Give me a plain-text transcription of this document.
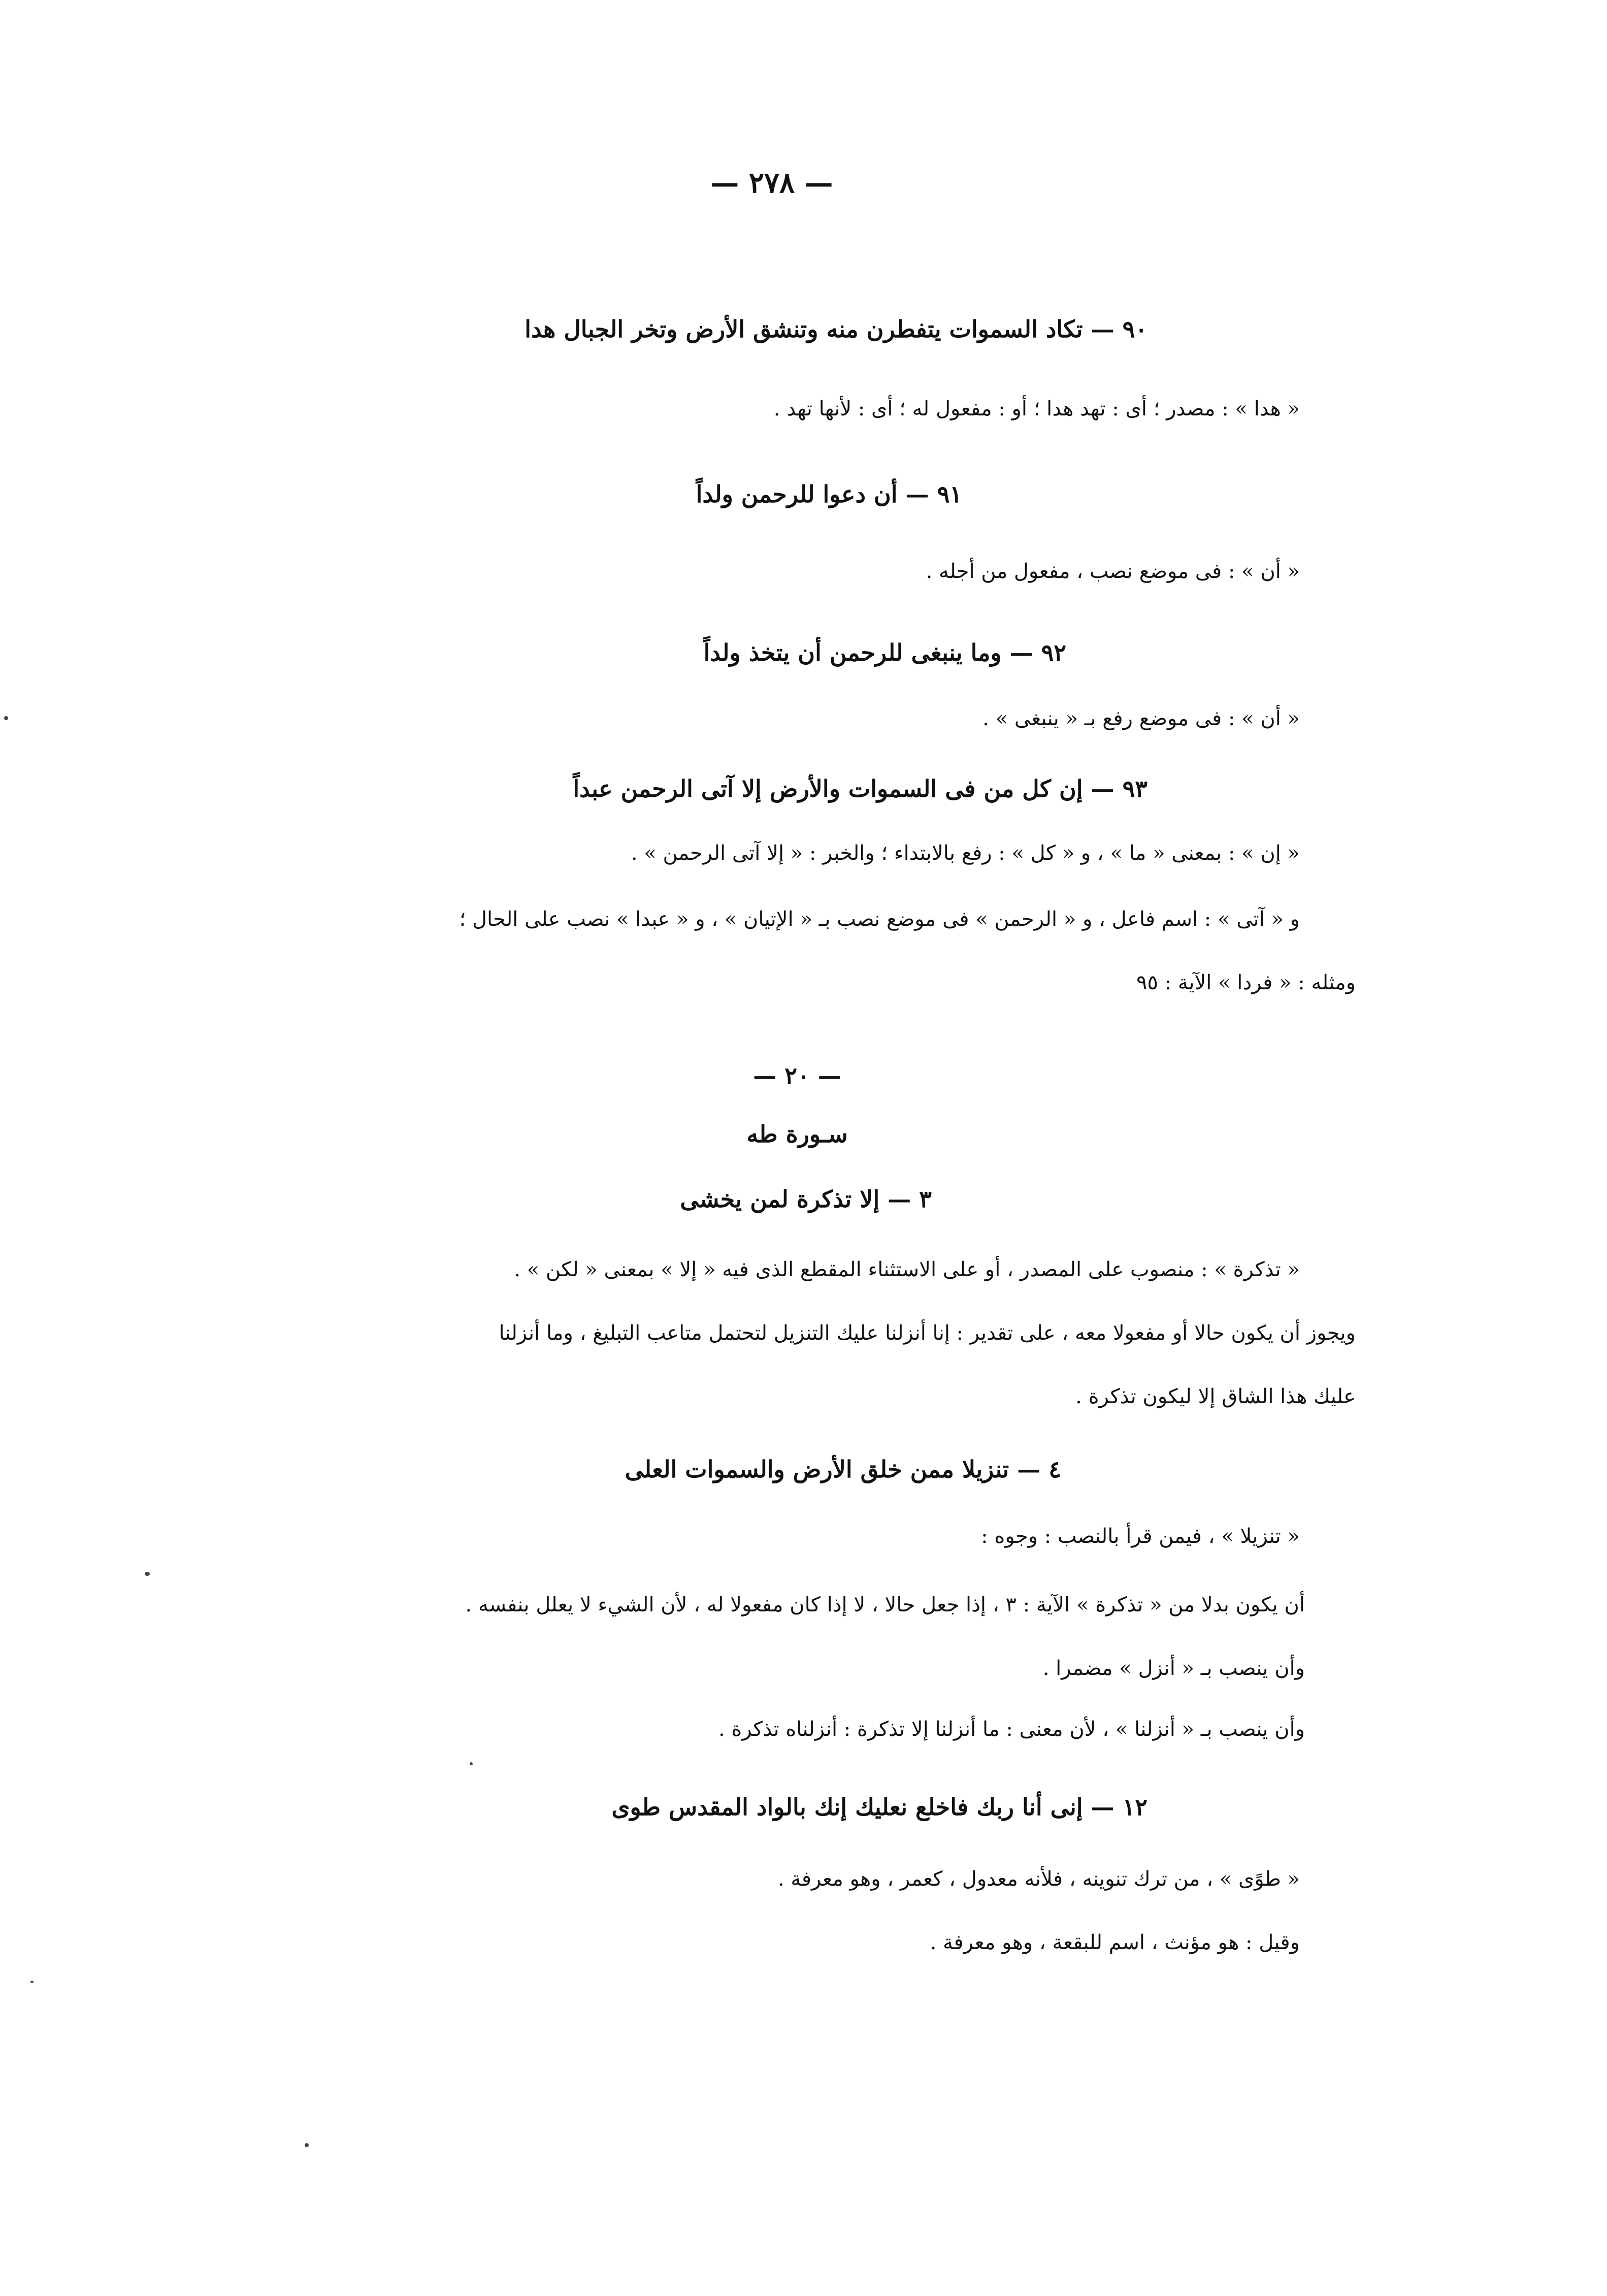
— ٢٧٨ —
٩٠ — تكاد السموات يتفطرن منه وتنشق الأرض وتخر الجبال هدا
« هدا » : مصدر ؛ أى : تهد هدا ؛ أو : مفعول له ؛ أى : لأنها تهد .
٩١ — أن دعوا للرحمن ولداً
« أن » : فى موضع نصب ، مفعول من أجله .
٩٢ — وما ينبغى للرحمن أن يتخذ ولداً
« أن » : فى موضع رفع بـ « ينبغى » .
٩٣ — إن كل من فى السموات والأرض إلا آتى الرحمن عبداً
« إن » : بمعنى « ما » ، و « كل » : رفع بالابتداء ؛ والخبر : « إلا آتى الرحمن » .
و « آتى » : اسم فاعل ، و « الرحمن » فى موضع نصب بـ « الإتيان » ، و « عبدا » نصب على الحال ؛
ومثله : « فردا » الآية : ٩٥
— ٢٠ —
سـورة طه
٣ — إلا تذكرة لمن يخشى
« تذكرة » : منصوب على المصدر ، أو على الاستثناء المقطع الذى فيه « إلا » بمعنى « لكن » .
ويجوز أن يكون حالا أو مفعولا معه ، على تقدير : إنا أنزلنا عليك التنزيل لتحتمل متاعب التبليغ ، وما أنزلنا
عليك هذا الشاق إلا ليكون تذكرة .
٤ — تنزيلا ممن خلق الأرض والسموات العلى
« تنزيلا » ، فيمن قرأ بالنصب : وجوه :
أن يكون بدلا من « تذكرة » الآية : ٣ ، إذا جعل حالا ، لا إذا كان مفعولا له ، لأن الشيء لا يعلل بنفسه .
وأن ينصب بـ « أنزل » مضمرا .
وأن ينصب بـ « أنزلنا » ، لأن معنى : ما أنزلنا إلا تذكرة : أنزلناه تذكرة .
١٢ — إنى أنا ربك فاخلع نعليك إنك بالواد المقدس طوى
« طوًى » ، من ترك تنوينه ، فلأنه معدول ، كعمر ، وهو معرفة .
وقيل : هو مؤنث ، اسم للبقعة ، وهو معرفة .
